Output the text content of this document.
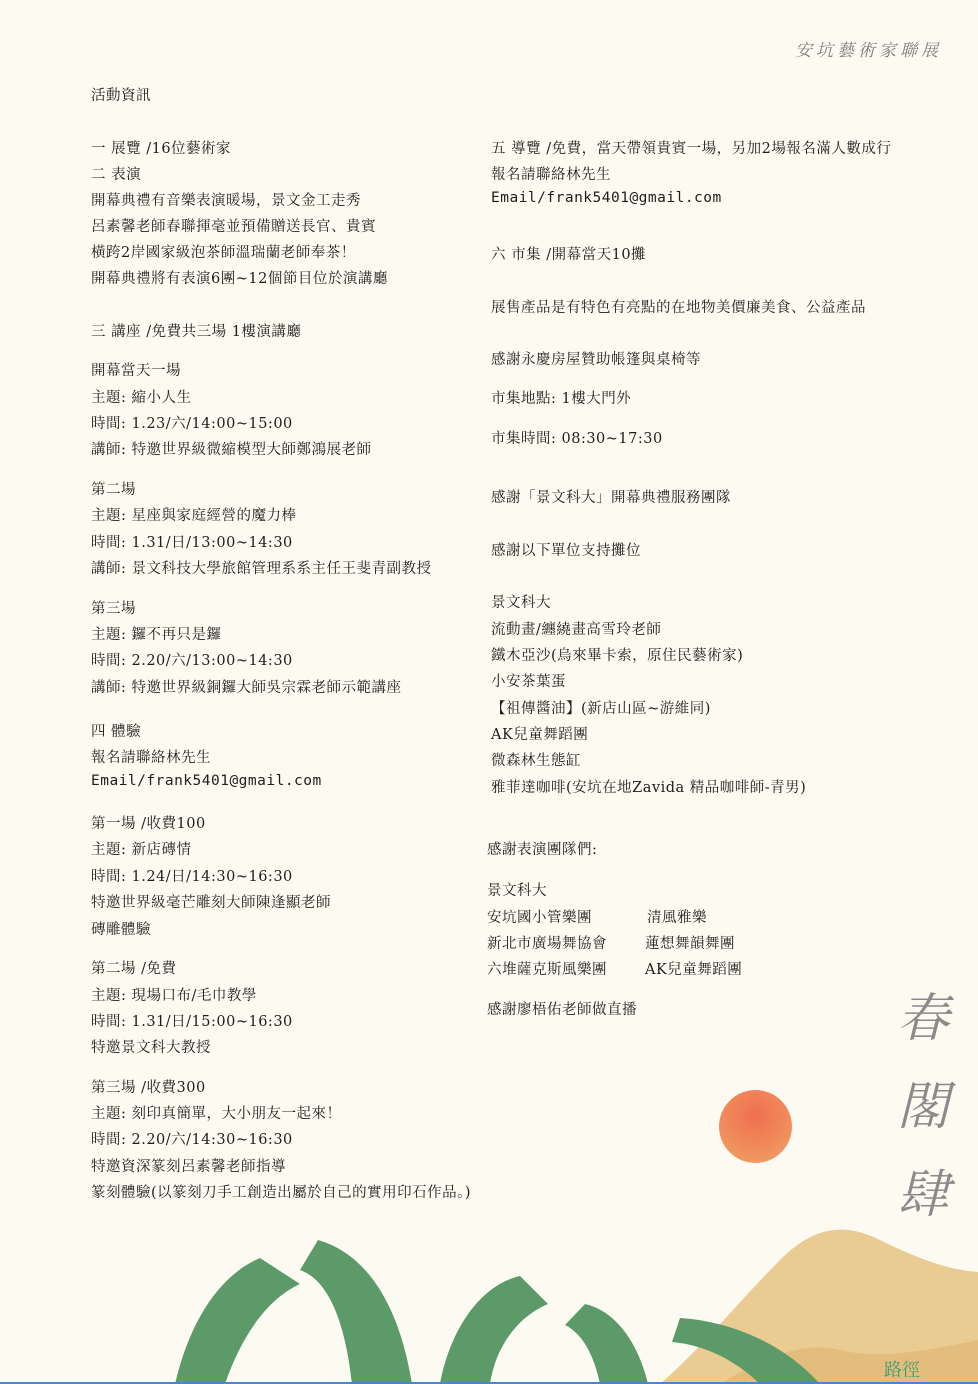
安坑藝術家聯展
活動資訊
一 展覽 /16位藝術家
二 表演
開幕典禮有音樂表演暖場，景文金工走秀
呂素馨老師春聯揮毫並預備贈送長官、貴賓
橫跨2岸國家級泡茶師溫瑞蘭老師奉茶！
開幕典禮將有表演6團~12個節目位於演講廳
三 講座 /免費共三場 1樓演講廳
開幕當天一場
主題: 縮小人生
時間: 1.23/六/14:00~15:00
講師: 特邀世界級微縮模型大師鄭鴻展老師
第二場
主題: 星座與家庭經營的魔力棒
時間: 1.31/日/13:00~14:30
講師: 景文科技大學旅館管理系系主任王斐青副教授
第三場
主題: 鑼不再只是鑼
時間: 2.20/六/13:00~14:30
講師: 特邀世界級銅鑼大師吳宗霖老師示範講座
四 體驗
報名請聯絡林先生
Email/frank5401@gmail.com
第一場 /收費100
主題: 新店磚情
時間: 1.24/日/14:30~16:30
特邀世界級毫芒雕刻大師陳逢顯老師
磚雕體驗
第二場 /免費
主題: 現場口布/毛巾教學
時間: 1.31/日/15:00~16:30
特邀景文科大教授
第三場 /收費300
主題: 刻印真簡單，大小朋友一起來！
時間: 2.20/六/14:30~16:30
特邀資深篆刻呂素馨老師指導
篆刻體驗(以篆刻刀手工創造出屬於自己的實用印石作品。)
五 導覽 /免費，當天帶領貴賓一場，另加2場報名滿人數成行
報名請聯絡林先生
Email/frank5401@gmail.com
六 市集 /開幕當天10攤
展售產品是有特色有亮點的在地物美價廉美食、公益產品
感謝永慶房屋贊助帳篷與桌椅等
市集地點: 1樓大門外
市集時間: 08:30~17:30
感謝「景文科大」開幕典禮服務團隊
感謝以下單位支持攤位
景文科大
流動畫/纏繞畫高雪玲老師
鐵木亞沙(烏來畢卡索，原住民藝術家)
小安茶葉蛋
【祖傳醬油】(新店山區~游維同)
AK兒童舞蹈團
微森林生態缸
雅菲達咖啡(安坑在地Zavida 精品咖啡師-青男)
感謝表演團隊們:
景文科大
安坑國小管樂團	清風雅樂
新北市廣場舞協會	蓮想舞韻舞團
六堆薩克斯風樂團	AK兒童舞蹈團
感謝廖梧佑老師做直播	春閣肆
路徑
